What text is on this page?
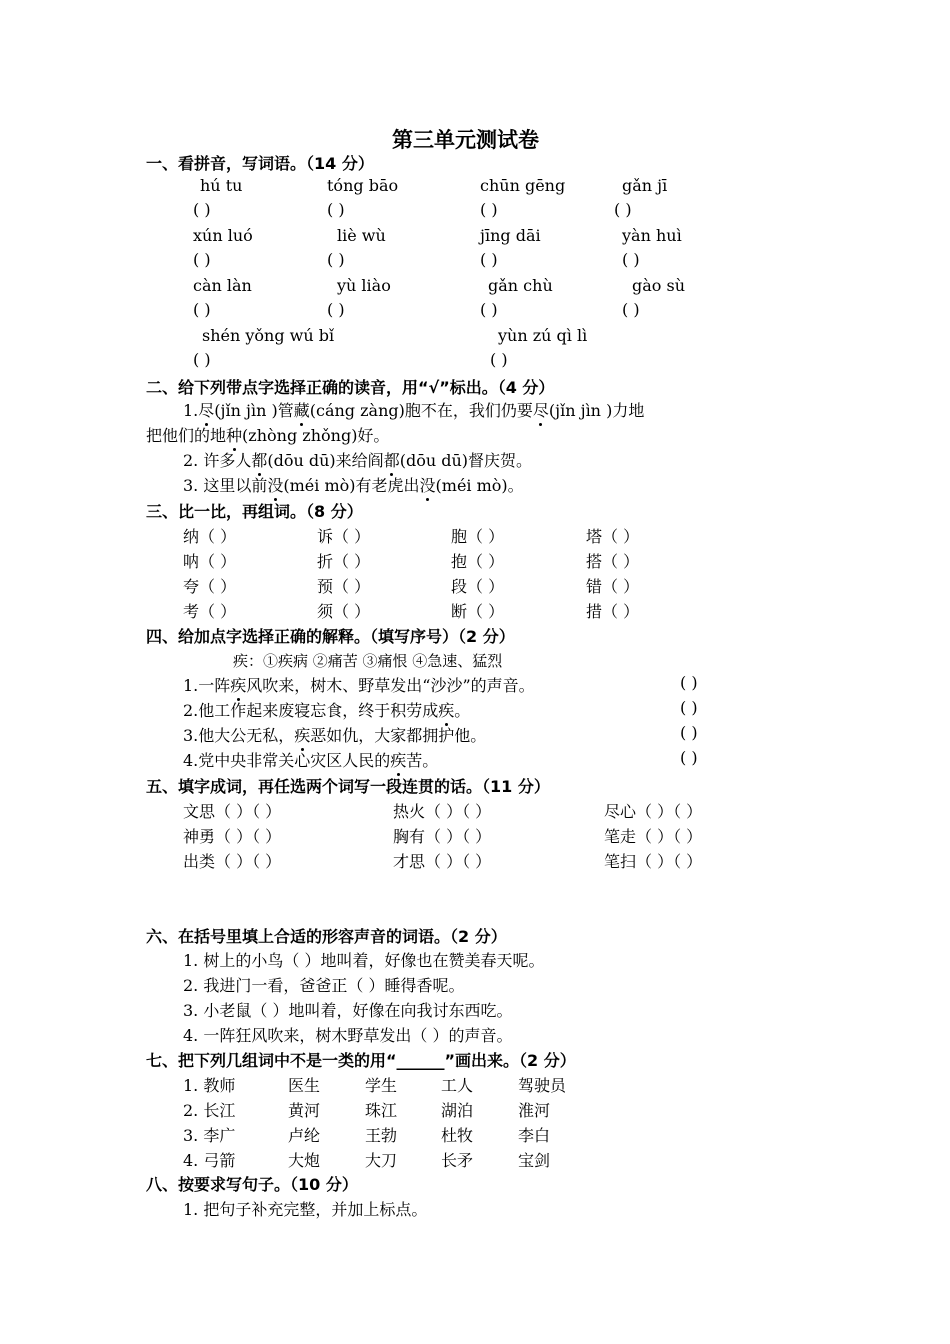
第三单元测试卷
一、看拼音，写词语。（14 分）
hú tu	tóng bāo	chūn gēng	gǎn jī
( )	( )	( )	( )
xún luó	liè wù	jīng dāi	yàn huì
( )	( )	( )	( )
càn làn	yù liào	gǎn chù	gào sù
( )	( )	( )	( )
shén yǒng wú bǐ	yùn zú qì lì
( )	( )
二、给下列带点字选择正确的读音，用“√”标出。（4 分）
1.尽(jǐn jìn )管藏(cáng zàng)胞不在，我们仍要尽(jǐn jìn )力地
把他们的地种(zhòng zhǒng)好。
2. 许多人都(dōu dū)来给阎都(dōu dū)督庆贺。
3. 这里以前没(méi mò)有老虎出没(méi mò)。
三、比一比，再组词。（8 分）
纳（ ）	诉（ ）	胞（ ）	塔（ ）
呐（ ）	折（ ）	抱（ ）	搭（ ）
夸（ ）	预（ ）	段（ ）	错（ ）
考（ ）	须（ ）	断（ ）	措（ ）
四、给加点字选择正确的解释。（填写序号）（2 分）
疾：①疾病 ②痛苦 ③痛恨 ④急速、猛烈
1.一阵疾风吹来，树木、野草发出“沙沙”的声音。	( )
2.他工作起来废寝忘食，终于积劳成疾。	( )
3.他大公无私，疾恶如仇，大家都拥护他。	( )
4.党中央非常关心灾区人民的疾苦。	( )
五、填字成词，再任选两个词写一段连贯的话。（11 分）
文思（ ）（ ）	热火（ ）（ ）	尽心（ ）（ ）
神勇（ ）（ ）	胸有（ ）（ ）	笔走（ ）（ ）
出类（ ）（ ）	才思（ ）（ ）	笔扫（ ）（ ）
六、在括号里填上合适的形容声音的词语。（2 分）
1. 树上的小鸟（ ）地叫着，好像也在赞美春天呢。
2. 我进门一看，爸爸正（ ）睡得香呢。
3. 小老鼠（ ）地叫着，好像在向我讨东西吃。
4. 一阵狂风吹来，树木野草发出（ ）的声音。
七、把下列几组词中不是一类的用“______”画出来。（2 分）
1. 教师	医生	学生	工人	驾驶员
2. 长江	黄河	珠江	湖泊	淮河
3. 李广	卢纶	王勃	杜牧	李白
4. 弓箭	大炮	大刀	长矛	宝剑
八、按要求写句子。（10 分）
1. 把句子补充完整，并加上标点。
